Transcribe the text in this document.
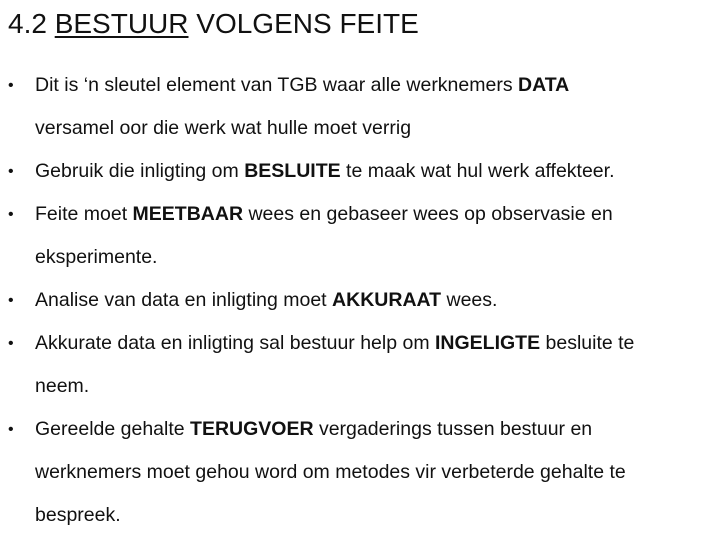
4.2 BESTUUR VOLGENS FEITE
• Dit is ‘n sleutel element van TGB waar alle werknemers DATA
versamel oor die werk wat hulle moet verrig
• Gebruik die inligting om BESLUITE te maak wat hul werk affekteer.
• Feite moet MEETBAAR wees en gebaseer wees op observasie en
eksperimente.
• Analise van data en inligting moet AKKURAAT wees.
• Akkurate data en inligting sal bestuur help om INGELIGTE besluite te
neem.
• Gereelde gehalte TERUGVOER vergaderings tussen bestuur en
werknemers moet gehou word om metodes vir verbeterde gehalte te
bespreek.
